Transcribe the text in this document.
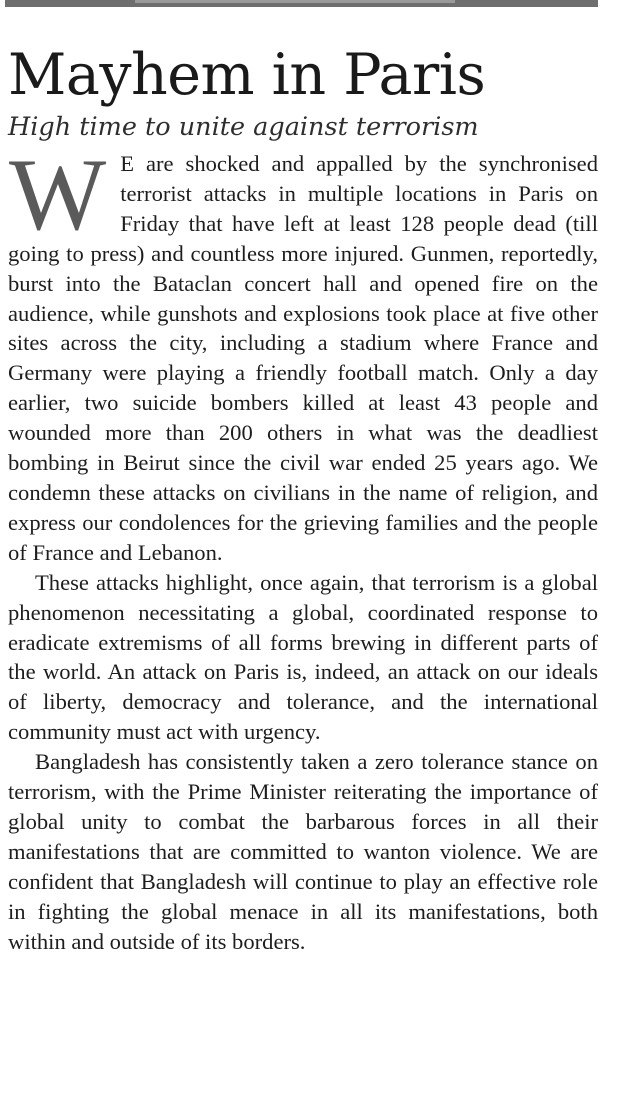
Mayhem in Paris
High time to unite against terrorism

W E are shocked and appalled by the synchronised terrorist attacks in multiple locations in Paris on Friday that have left at least 128 people dead (till going to press) and countless more injured. Gunmen, reportedly, burst into the Bataclan concert hall and opened fire on the audience, while gunshots and explosions took place at five other sites across the city, including a stadium where France and Germany were playing a friendly football match. Only a day earlier, two suicide bombers killed at least 43 people and wounded more than 200 others in what was the deadliest bombing in Beirut since the civil war ended 25 years ago. We condemn these attacks on civilians in the name of religion, and express our condolences for the grieving families and the people of France and Lebanon.

These attacks highlight, once again, that terrorism is a global phenomenon necessitating a global, coordinated response to eradicate extremisms of all forms brewing in different parts of the world. An attack on Paris is, indeed, an attack on our ideals of liberty, democracy and tolerance, and the international community must act with urgency.

Bangladesh has consistently taken a zero tolerance stance on terrorism, with the Prime Minister reiterating the importance of global unity to combat the barbarous forces in all their manifestations that are committed to wanton violence. We are confident that Bangladesh will continue to play an effective role in fighting the global menace in all its manifestations, both within and outside of its borders.
